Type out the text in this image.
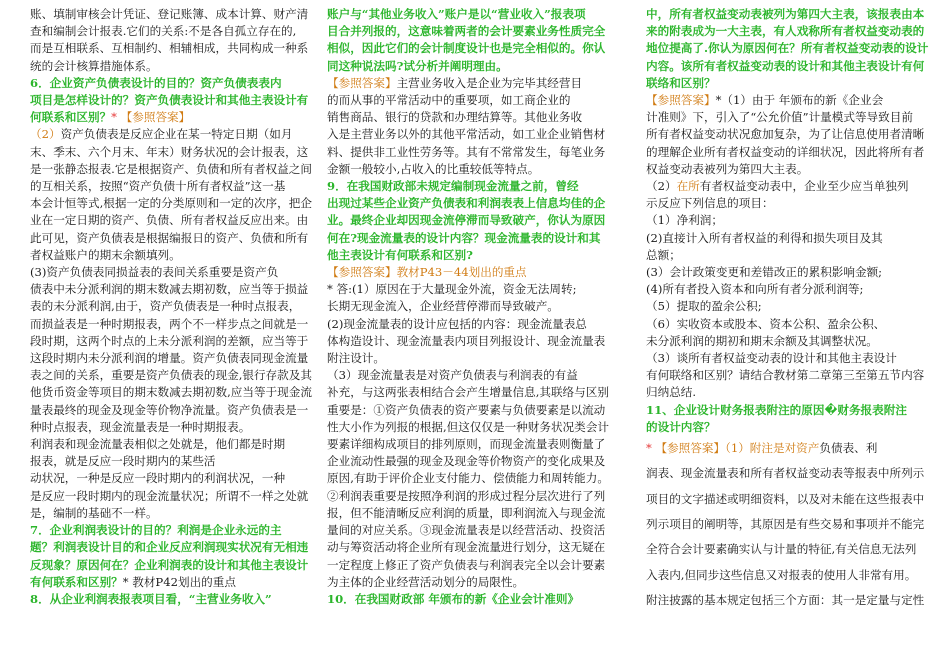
账、填制审核会计凭证、登记账簿、成本计算、财产清
查和编制会计报表.它们的关系:不是各自孤立存在的,
而是互相联系、互相制约、相辅相成，共同构成一种系
统的会计核算措施体系。
6．企业资产负债表设计的目的？资产负债表表内
项目是怎样设计的？资产负债表设计和其他主表设计有
何联系和区别？* 【参照答案】
（2）资产负债表是反应企业在某一特定日期（如月
末、季末、六个月末、年末）财务状况的会计报表，这
是一张静态报表.它是根据资产、负债和所有者权益之间
的互相关系，按照“资产负债十所有者权益”这一基
本会计恒等式,根据一定的分类原则和一定的次序，把企
业在一定日期的资产、负债、所有者权益反应出来。由
此可见，资产负债表是根据编报日的资产、负债和所有
者权益账户的期末余额填列。
(3)资产负债表同损益表的表间关系重要是资产负
债表中未分派利润的期末数减去期初数，应当等于损益
表的未分派利润,由于，资产负债表是一种时点报表，
而损益表是一种时期报表，两个不一样步点之间就是一
段时期，这两个时点的上未分派利润的差额，应当等于
这段时期内未分派利润的增量。资产负债表同现金流量
表之间的关系，重要是资产负债表的现金,银行存款及其
他货币资金等项目的期末数减去期初数,应当等于现金流
量表最终的现金及现金等价物净流量。资产负债表是一
种时点报表，现金流量表是一种时期报表。
利润表和现金流量表相似之处就是，他们都是时期
报表，就是反应一段时期内的某些活
动状况，一种是反应一段时期内的利润状况，一种
是反应一段时期内的现金流量状况；所谓不一样之处就
是，编制的基础不一样。
7．企业利润表设计的目的？利润是企业永远的主
题？利润表设计目的和企业反应利润现实状况有无相违
反现象？原因何在？企业利润表的设计和其他主表设计
有何联系和区别？* 教材P42划出的重点
8．从企业利润表报表项目看，“主营业务收入”
账户与“其他业务收入”账户是以“营业收入”报表项
目合并列报的，这意味着两者的会计要素业务性质完全
相似，因此它们的会计制度设计也是完全相似的。你认
同这种说法吗?试分析并阐明理由。
【参照答案】主营业务收入是企业为完毕其经营目
的而从事的平常活动中的重要项，如工商企业的
销售商品、银行的贷款和办理结算等。其他业务收
入是主营业务以外的其他平常活动，如工业企业销售材
料、提供非工业性劳务等。其有不常常发生，每笔业务
金额一般较小,占收入的比重较低等特点。
9．在我国财政部未规定编制现金流量之前，曾经
出现过某些企业资产负债表和利润表表上信息均佳的企
业。最终企业却因现金流停滞而导致破产，你认为原因
何在?现金流量表的设计内容？现金流量表的设计和其
他主表设计有何联系和区别?
【参照答案】教材P43－44划出的重点
* 答:(1）原因在于大量现金外流，资金无法周转;
长期无现金流入，企业经营停滞而导致破产。
(2)现金流量表的设计应包括的内容：现金流量表总
体构造设计、现金流量表内项目列报设计、现金流量表
附注设计。
（3）现金流量表是对资产负债表与利润表的有益
补充，与这两张表相结合会产生增量信息,其联络与区别
重要是：①资产负债表的资产要素与负债要素是以流动
性大小作为列报的根据,但这仅仅是一种财务状况类会计
要素详细构成项目的排列原则，而现金流量表则衡量了
企业流动性最强的现金及现金等价物资产的变化成果及
原因,有助于评价企业支付能力、偿债能力和周转能力。
②利润表重要是按照净利润的形成过程分层次进行了列
报，但不能清晰反应利润的质量，即利润流入与现金流
量间的对应关系。③现金流量表是以经营活动、投资活
动与筹资活动将企业所有现金流量进行划分，这无疑在
一定程度上修正了资产负债表与利润表完全以会计要素
为主体的企业经营活动划分的局限性。
10．在我国财政部 年颁布的新《企业会计准则》
中，所有者权益变动表被列为第四大主表，该报表由本
来的附表成为一大主表，有人戏称所有者权益变动表的
地位提高了.你认为原因何在？所有者权益变动表的设计
内容。该所有者权益变动表的设计和其他主表设计有何
联络和区别？
【参照答案】*（1）由于 年颁布的新《企业会
计准则》下，引入了“公允价值”计量模式等导致目前
所有者权益变动状况愈加复杂，为了让信息使用者清晰
的理解企业所有者权益变动的详细状况，因此将所有者
权益变动表被列为第四大主表。
（2）在所有者权益变动表中，企业至少应当单独列
示反应下列信息的项目：
（1）净利润；
(2)直接计入所有者权益的利得和损失项目及其
总额；
(3）会计政策变更和差错改正的累积影响金额;
(4)所有者投入资本和向所有者分派利润等;
（5）提取的盈余公积;
（6）实收资本或股本、资本公积、盈余公积、
未分派利润的期初和期末余额及其调整状况。
（3）谈所有者权益变动表的设计和其他主表设计
有何联络和区别？请结合教材第二章第三至第五节内容
归纳总结.
11、企业设计财务报表附注的原因�财务报表附注
的设计内容？
* 【参照答案】（1）附注是对资产负债表、利
润表、现金流量表和所有者权益变动表等报表中所列示
项目的文字描述或明细资料，以及对未能在这些报表中
列示项目的阐明等，其原因是有些交易和事项并不能完
全符合会计要素确实认与计量的特征,有关信息无法列
入表内,但同步这些信息又对报表的使用人非常有用。
附注披露的基本规定包括三个方面：其一是定量与定性
